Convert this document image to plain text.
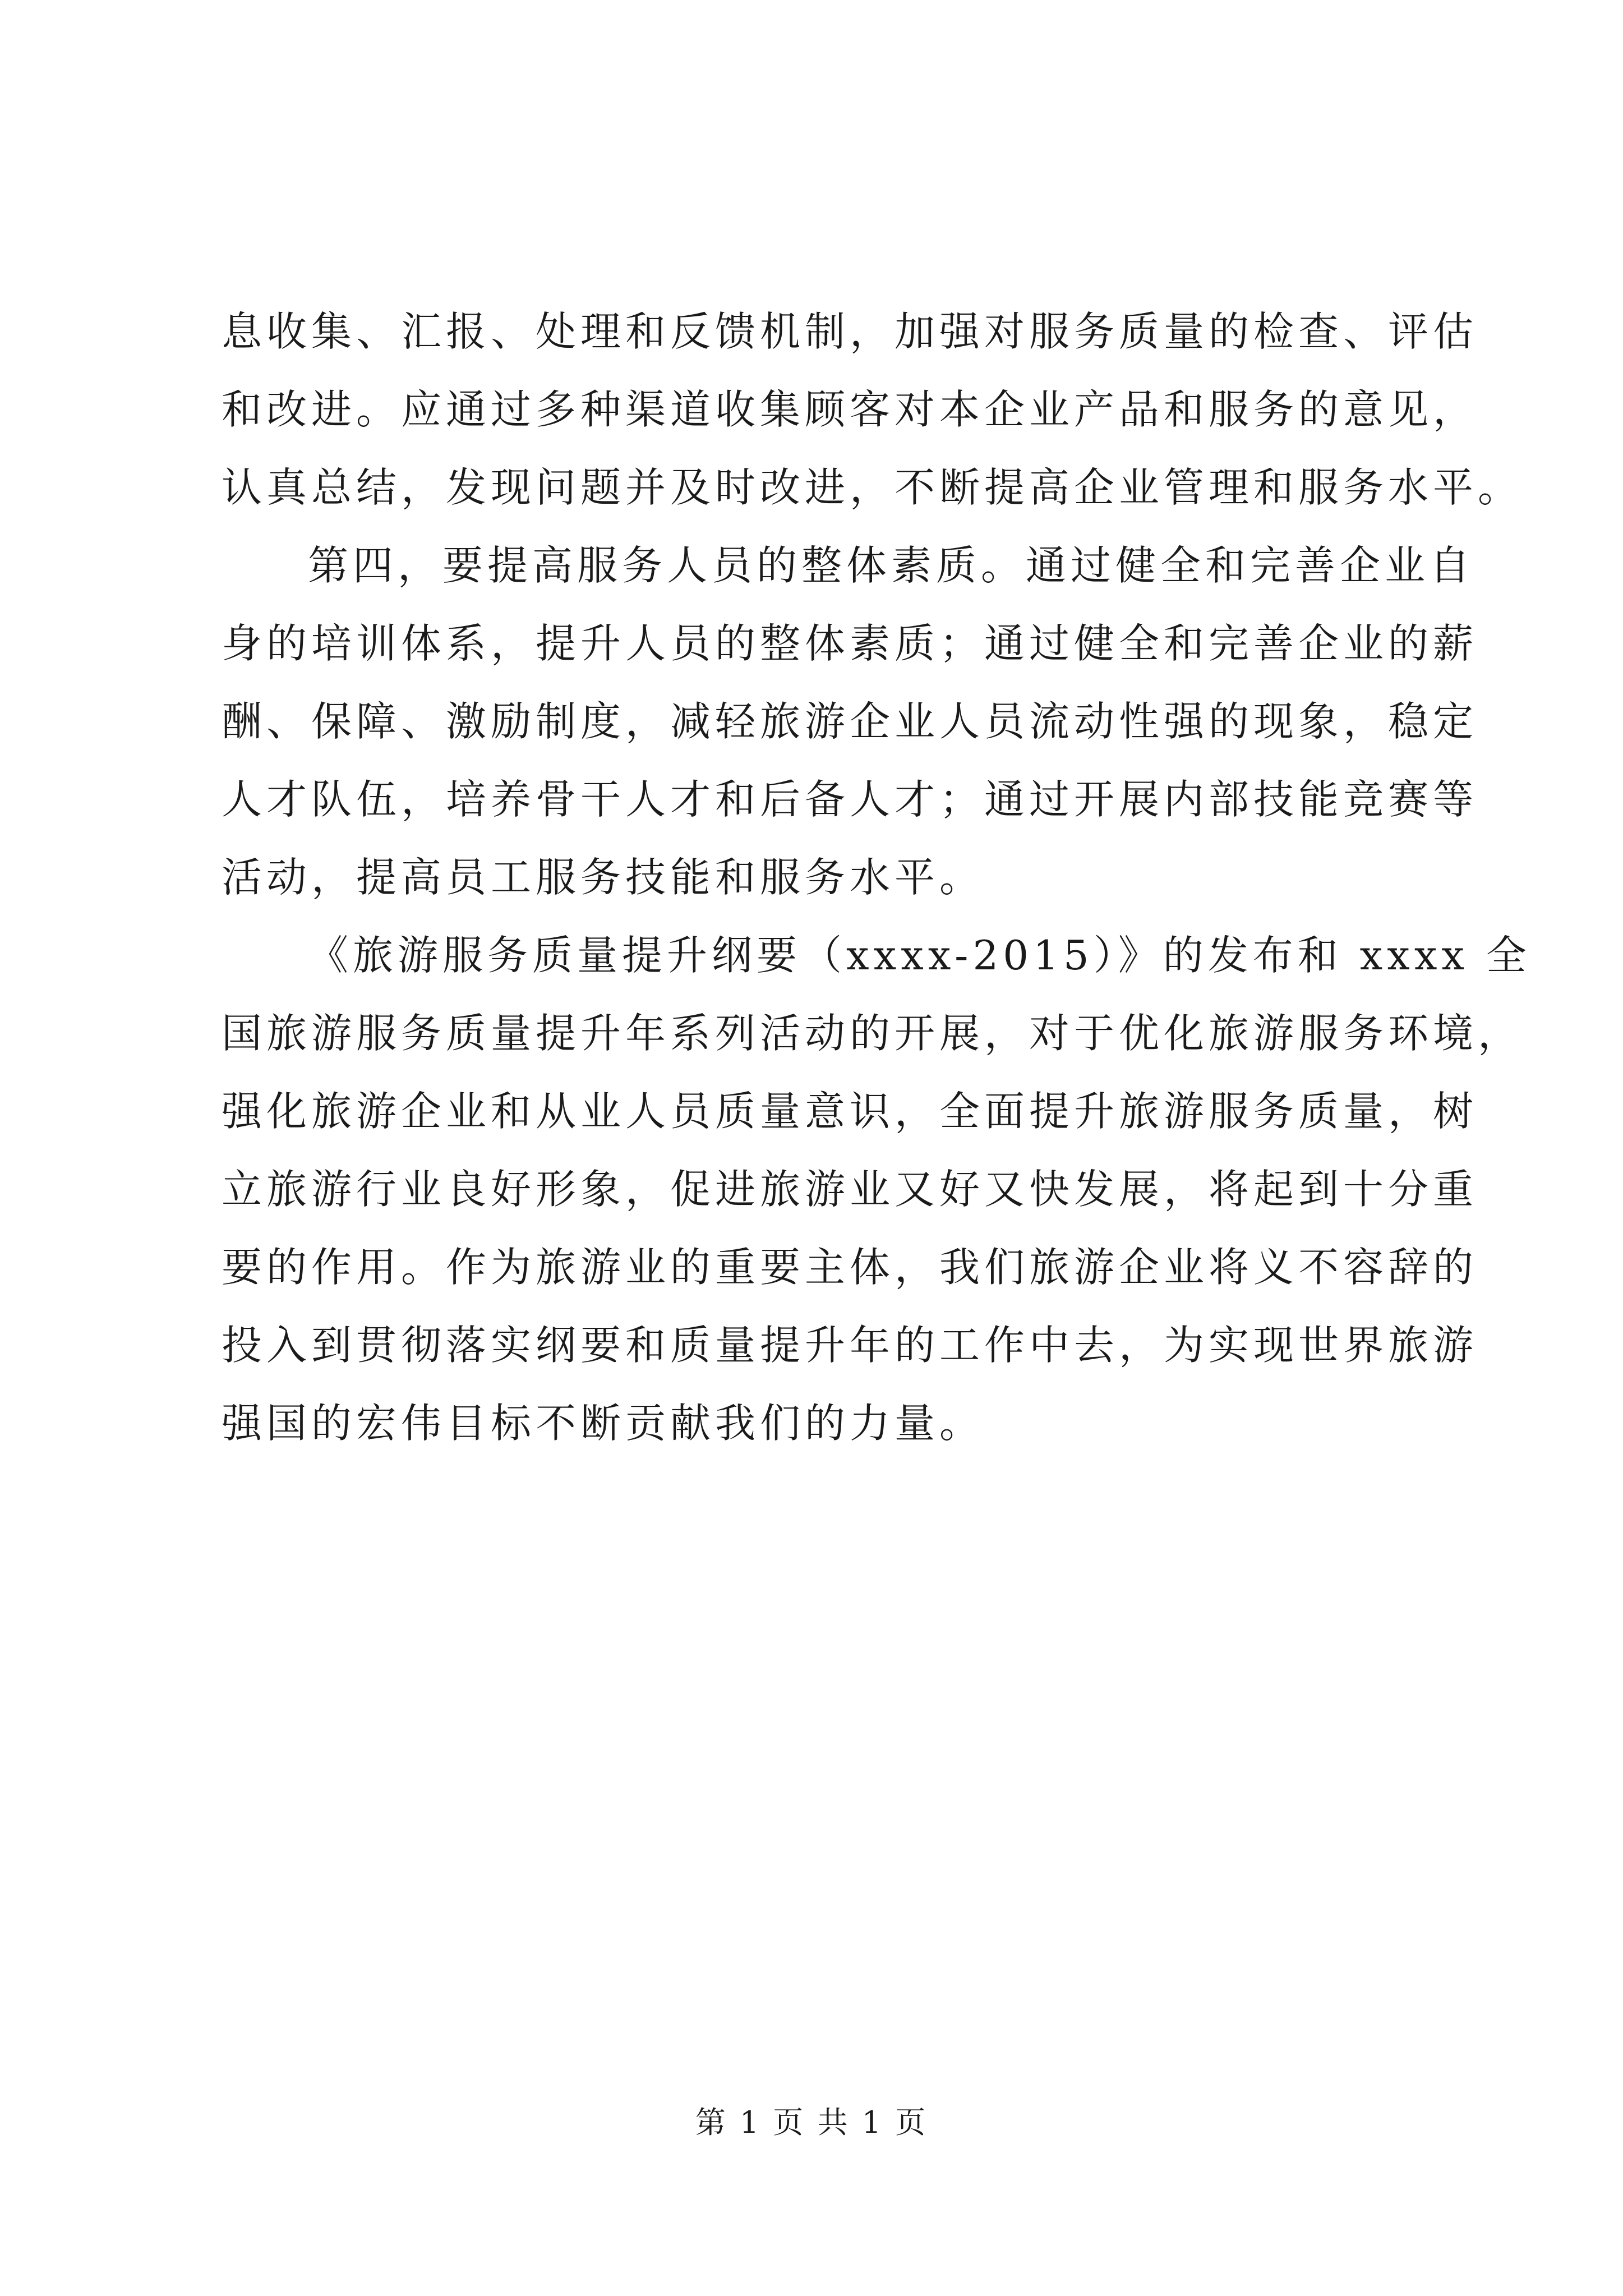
息收集、汇报、处理和反馈机制，加强对服务质量的检查、评估
和改进。应通过多种渠道收集顾客对本企业产品和服务的意见，
认真总结，发现问题并及时改进，不断提高企业管理和服务水平。
第四，要提高服务人员的整体素质。通过健全和完善企业自
身的培训体系，提升人员的整体素质；通过健全和完善企业的薪
酬、保障、激励制度，减轻旅游企业人员流动性强的现象，稳定
人才队伍，培养骨干人才和后备人才；通过开展内部技能竞赛等
活动，提高员工服务技能和服务水平。
《旅游服务质量提升纲要（xxxx-2015）》的发布和 xxxx 全
国旅游服务质量提升年系列活动的开展，对于优化旅游服务环境，
强化旅游企业和从业人员质量意识，全面提升旅游服务质量，树
立旅游行业良好形象，促进旅游业又好又快发展，将起到十分重
要的作用。作为旅游业的重要主体，我们旅游企业将义不容辞的
投入到贯彻落实纲要和质量提升年的工作中去，为实现世界旅游
强国的宏伟目标不断贡献我们的力量。
第 1 页 共 1 页
